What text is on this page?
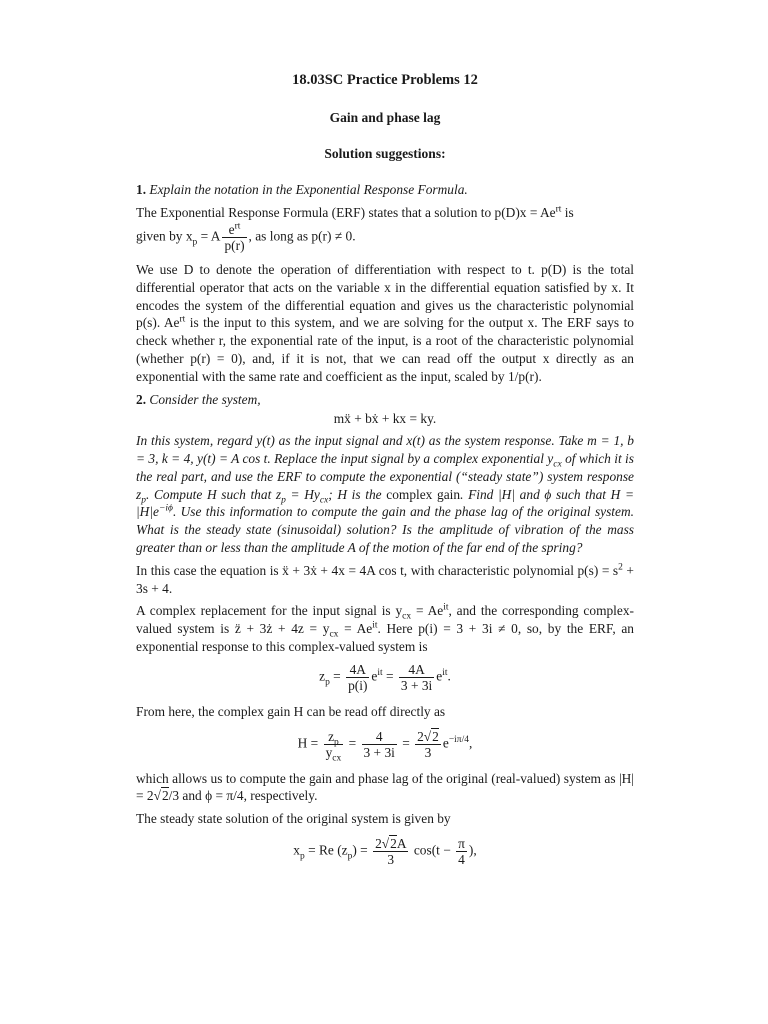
18.03SC Practice Problems 12
Gain and phase lag
Solution suggestions:

1. Explain the notation in the Exponential Response Formula.

The Exponential Response Formula (ERF) states that a solution to $p(D)x = Ae^{rt}$ is

given by $x_p = A \frac{e^{rt}}{p(r)}$ , as long as p(r) ≠ 0.

We use D to denote the operation of differentiation with respect to t. p(D) is the total differential operator that acts on the variable x in the differential equation satisfied by x. It encodes the system of the differential equation and gives us the characteristic polynomial p(s). $Ae^{rt}$ is the input to this system, and we are solving for the output x. The ERF says to check whether r, the exponential rate of the input, is a root of the characteristic polynomial (whether p(r) = 0), and, if it is not, that we can read off the output x directly as an exponential with the same rate and coefficient as the input, scaled by 1/p(r).

2. Consider the system,

mẍ + bẋ + kx = ky.

In this system, regard y(t) as the input signal and x(t) as the system response. Take m = 1, b = 3, k = 4, y(t) = A cos t. Replace the input signal by a complex exponential $y_{cx}$ of which it is the real part, and use the ERF to compute the exponential (“steady state”) system response $z_p$. Compute H such that $z_p = Hy_{cx}$; H is the complex gain. Find |H| and ϕ such that $H = |H|e^{-i\phi}$. Use this information to compute the gain and the phase lag of the original system. What is the steady state (sinusoidal) solution? Is the amplitude of vibration of the mass greater than or less than the amplitude A of the motion of the far end of the spring?

In this case the equation is ẍ + 3ẋ + 4x = 4A cos t, with characteristic polynomial $p(s) = s^2 + 3s + 4$.

A complex replacement for the input signal is $y_{cx} = Ae^{it}$, and the corresponding complex-valued system is z̈ + 3ż + $4z = y_{cx} = Ae^{it}$. Here p(i) = 3 + 3i ≠ 0, so, by the ERF, an exponential response to this complex-valued system is

$z_p = \frac{4A}{p(i)} e^{it} = \frac{4A}{3 + 3i} e^{it}$.

From here, the complex gain H can be read off directly as

$H = \frac{z_p}{y_{cx}} = \frac{4}{3 + 3i} = \frac{2√2}{3} e^{-i\pi/4}$,

which allows us to compute the gain and phase lag of the original (real-valued) system as |H| = 2√2/3 and ϕ = π/4, respectively.

The steady state solution of the original system is given by

$x_p = Re$ $(z_p) = \frac{2√2A}{3} \cos(t - \frac{\pi}{4}$ ),
